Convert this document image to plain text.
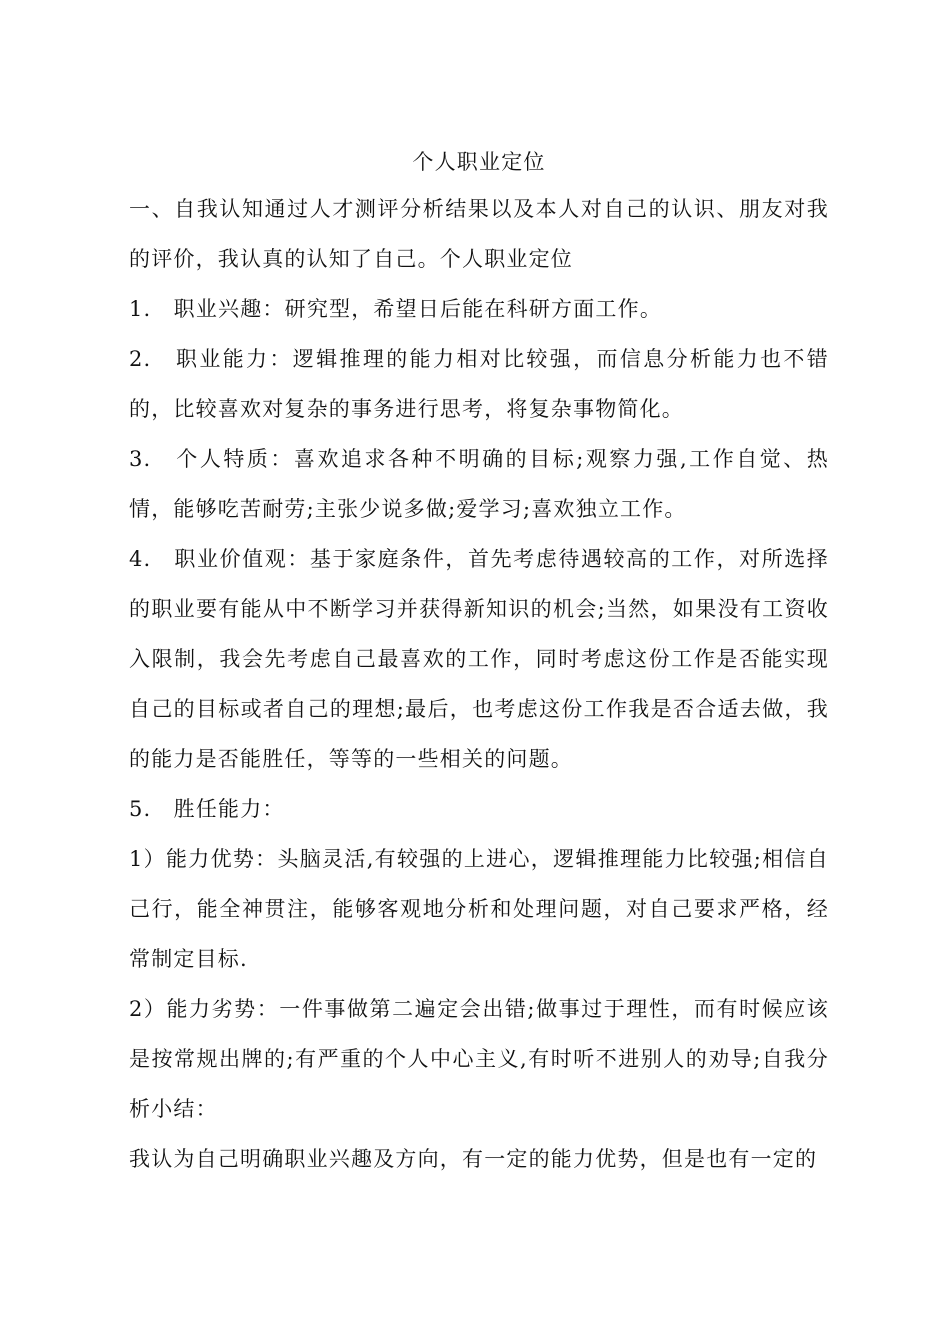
个人职业定位

一、自我认知通过人才测评分析结果以及本人对自己的认识、朋友对我的评价，我认真的认知了自己。个人职业定位

1.　职业兴趣：研究型，希望日后能在科研方面工作。

2.　职业能力：逻辑推理的能力相对比较强，而信息分析能力也不错的，比较喜欢对复杂的事务进行思考，将复杂事物简化。

3.　个人特质：喜欢追求各种不明确的目标;观察力强,工作自觉、热情，能够吃苦耐劳;主张少说多做;爱学习;喜欢独立工作。

4.　职业价值观：基于家庭条件，首先考虑待遇较高的工作，对所选择的职业要有能从中不断学习并获得新知识的机会;当然，如果没有工资收入限制，我会先考虑自己最喜欢的工作，同时考虑这份工作是否能实现自己的目标或者自己的理想;最后，也考虑这份工作我是否合适去做，我的能力是否能胜任，等等的一些相关的问题。

5.　胜任能力：

1）能力优势：头脑灵活,有较强的上进心，逻辑推理能力比较强;相信自己行，能全神贯注，能够客观地分析和处理问题，对自己要求严格，经常制定目标.

2）能力劣势：一件事做第二遍定会出错;做事过于理性，而有时候应该是按常规出牌的;有严重的个人中心主义,有时听不进别人的劝导;自我分析小结：

我认为自己明确职业兴趣及方向，有一定的能力优势，但是也有一定的
